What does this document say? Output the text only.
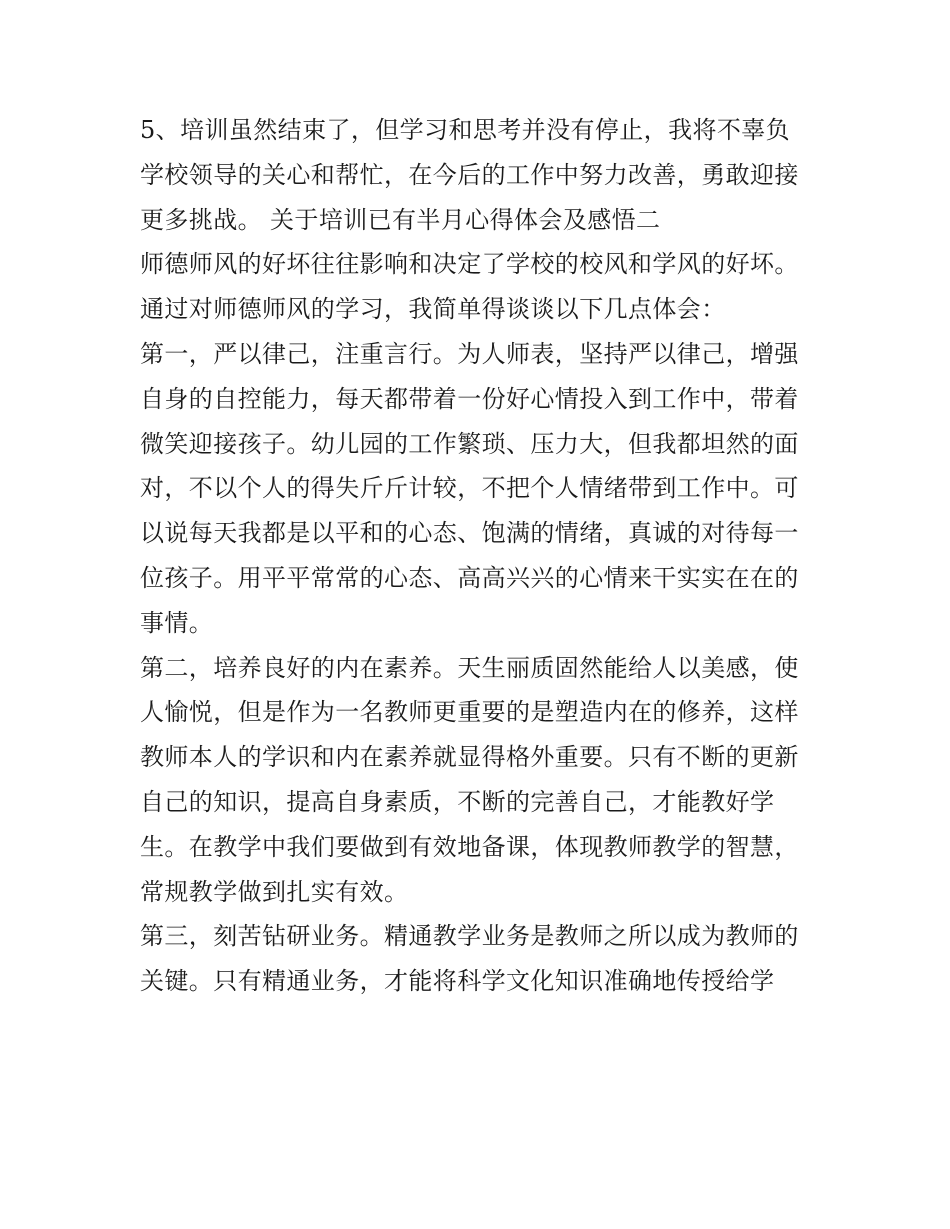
5、培训虽然结束了，但学习和思考并没有停止，我将不辜负
学校领导的关心和帮忙，在今后的工作中努力改善，勇敢迎接
更多挑战。 关于培训已有半月心得体会及感悟二
师德师风的好坏往往影响和决定了学校的校风和学风的好坏。
通过对师德师风的学习，我简单得谈谈以下几点体会：
第一，严以律己，注重言行。为人师表，坚持严以律己，增强
自身的自控能力，每天都带着一份好心情投入到工作中，带着
微笑迎接孩子。幼儿园的工作繁琐、压力大，但我都坦然的面
对，不以个人的得失斤斤计较，不把个人情绪带到工作中。可
以说每天我都是以平和的心态、饱满的情绪，真诚的对待每一
位孩子。用平平常常的心态、高高兴兴的心情来干实实在在的
事情。
第二，培养良好的内在素养。天生丽质固然能给人以美感，使
人愉悦，但是作为一名教师更重要的是塑造内在的修养，这样
教师本人的学识和内在素养就显得格外重要。只有不断的更新
自己的知识，提高自身素质，不断的完善自己，才能教好学
生。在教学中我们要做到有效地备课，体现教师教学的智慧，
常规教学做到扎实有效。
第三，刻苦钻研业务。精通教学业务是教师之所以成为教师的
关键。只有精通业务，才能将科学文化知识准确地传授给学
